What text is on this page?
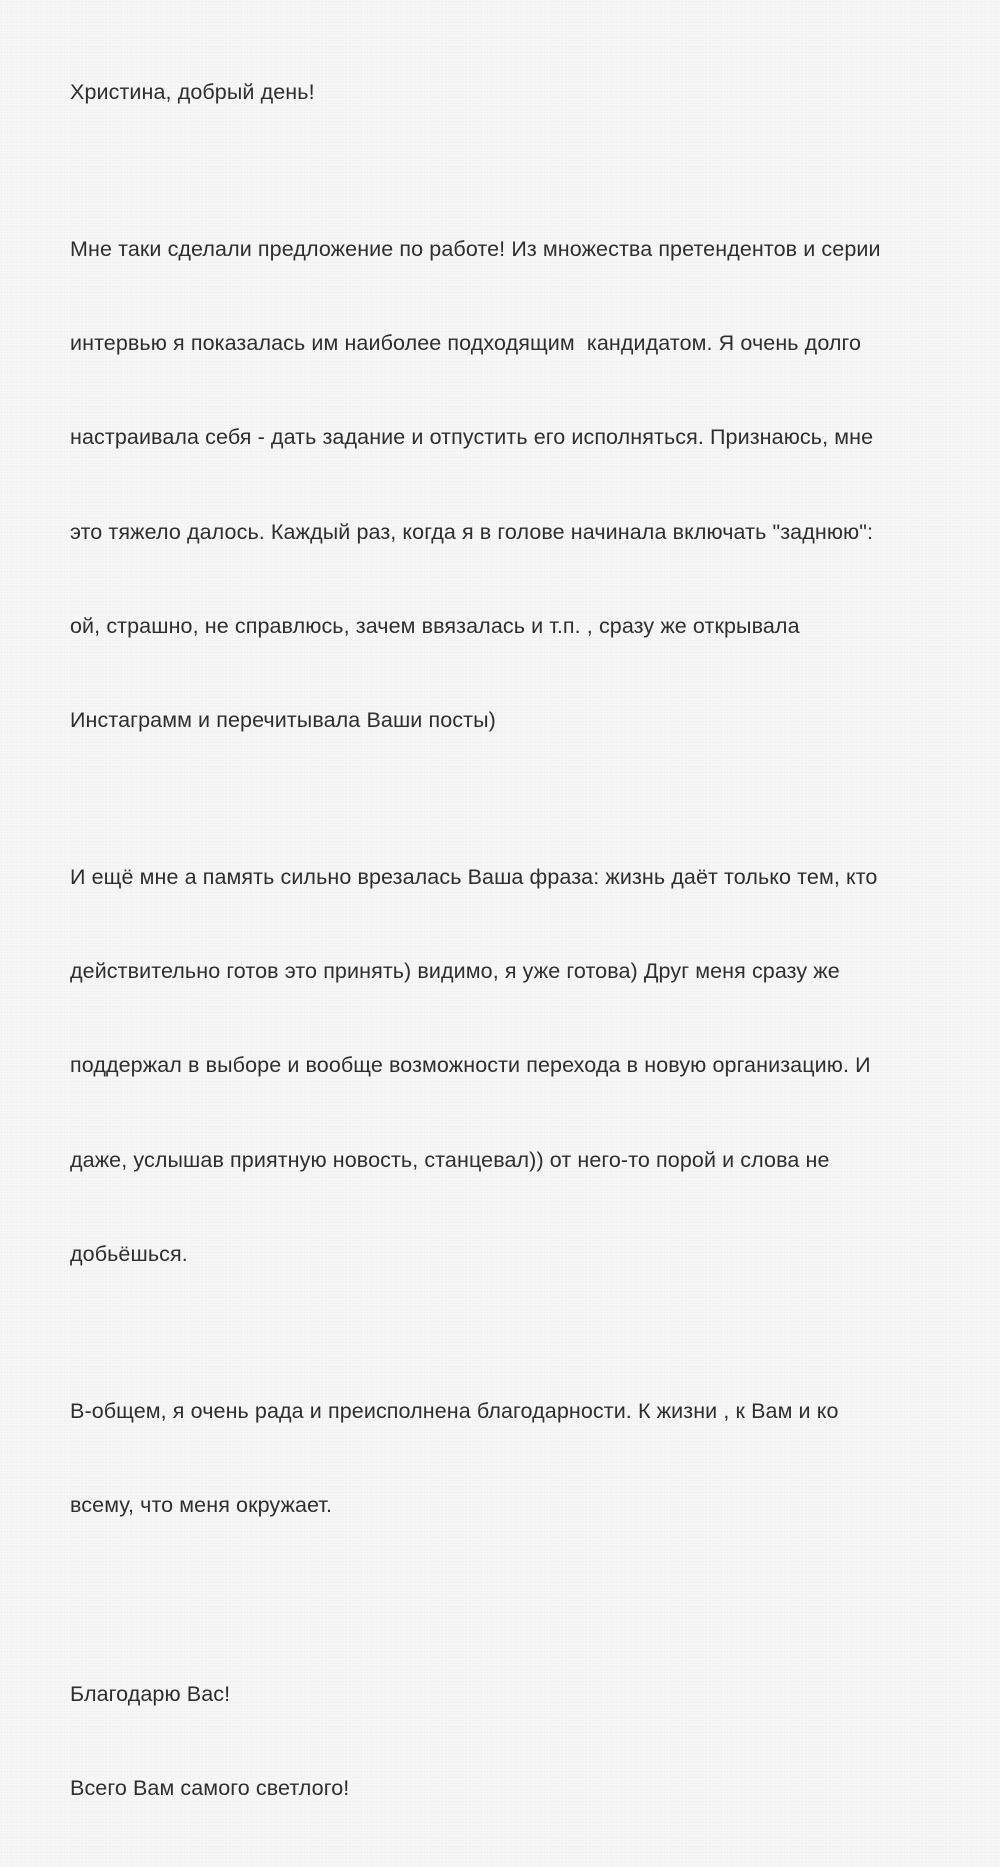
Христина, добрый день!

Мне таки сделали предложение по работе! Из множества претендентов и серии

интервью я показалась им наиболее подходящим  кандидатом. Я очень долго

настраивала себя - дать задание и отпустить его исполняться. Признаюсь, мне

это тяжело далось. Каждый раз, когда я в голове начинала включать "заднюю":

ой, страшно, не справлюсь, зачем ввязалась и т.п. , сразу же открывала

Инстаграмм и перечитывала Ваши посты)

И ещё мне а память сильно врезалась Ваша фраза: жизнь даёт только тем, кто

действительно готов это принять) видимо, я уже готова) Друг меня сразу же

поддержал в выборе и вообще возможности перехода в новую организацию. И

даже, услышав приятную новость, станцевал)) от него-то порой и слова не

добьёшься.

В-общем, я очень рада и преисполнена благодарности. К жизни , к Вам и ко

всему, что меня окружает.

Благодарю Вас!

Всего Вам самого светлого!
